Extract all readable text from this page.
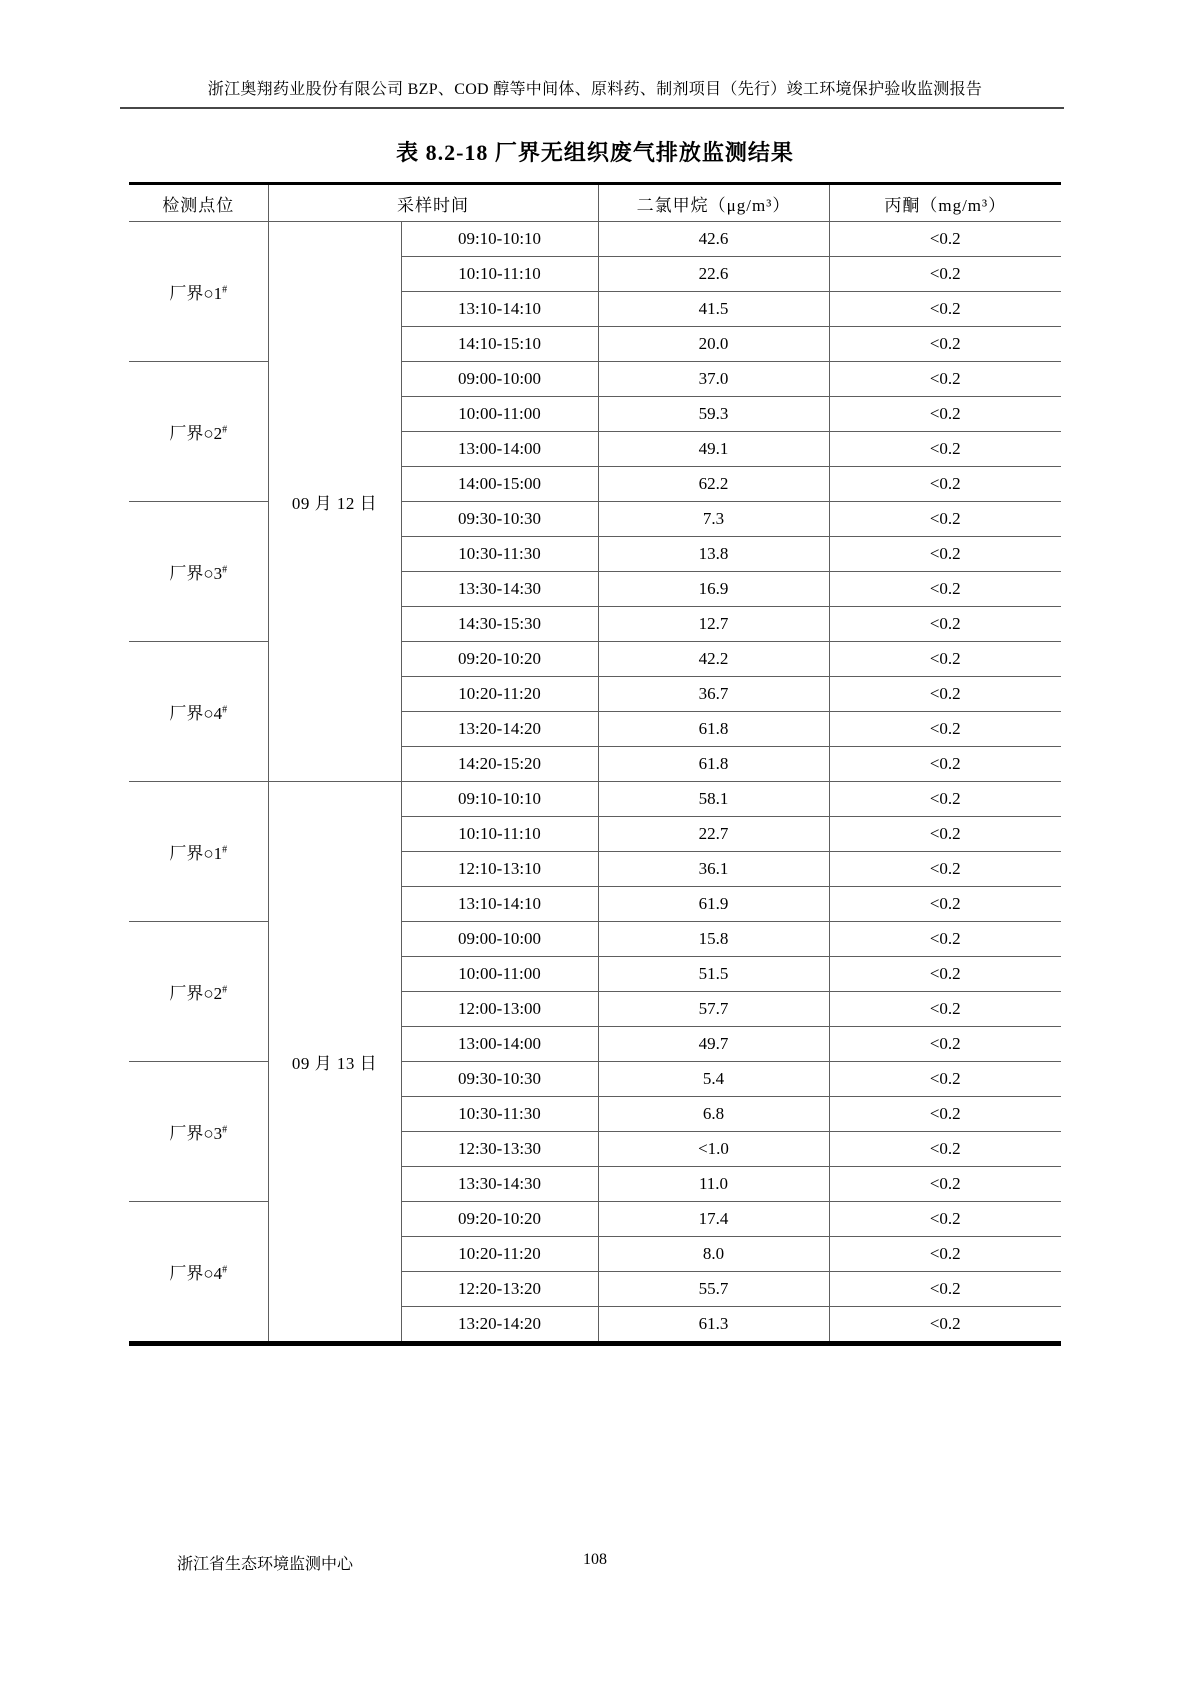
浙江奥翔药业股份有限公司 BZP、COD 醇等中间体、原料药、制剂项目（先行）竣工环境保护验收监测报告
表 8.2-18 厂界无组织废气排放监测结果
检测点位	采样时间		二氯甲烷（μg/m³）	丙酮（mg/m³）
厂界○1#	09 月 12 日	09:10-10:10	42.6	<0.2
		10:10-11:10	22.6	<0.2
		13:10-14:10	41.5	<0.2
		14:10-15:10	20.0	<0.2
厂界○2#		09:00-10:00	37.0	<0.2
		10:00-11:00	59.3	<0.2
		13:00-14:00	49.1	<0.2
		14:00-15:00	62.2	<0.2
厂界○3#		09:30-10:30	7.3	<0.2
		10:30-11:30	13.8	<0.2
		13:30-14:30	16.9	<0.2
		14:30-15:30	12.7	<0.2
厂界○4#		09:20-10:20	42.2	<0.2
		10:20-11:20	36.7	<0.2
		13:20-14:20	61.8	<0.2
		14:20-15:20	61.8	<0.2
厂界○1#	09 月 13 日	09:10-10:10	58.1	<0.2
		10:10-11:10	22.7	<0.2
		12:10-13:10	36.1	<0.2
		13:10-14:10	61.9	<0.2
厂界○2#		09:00-10:00	15.8	<0.2
		10:00-11:00	51.5	<0.2
		12:00-13:00	57.7	<0.2
		13:00-14:00	49.7	<0.2
厂界○3#		09:30-10:30	5.4	<0.2
		10:30-11:30	6.8	<0.2
		12:30-13:30	<1.0	<0.2
		13:30-14:30	11.0	<0.2
厂界○4#		09:20-10:20	17.4	<0.2
		10:20-11:20	8.0	<0.2
		12:20-13:20	55.7	<0.2
		13:20-14:20	61.3	<0.2
浙江省生态环境监测中心	108
